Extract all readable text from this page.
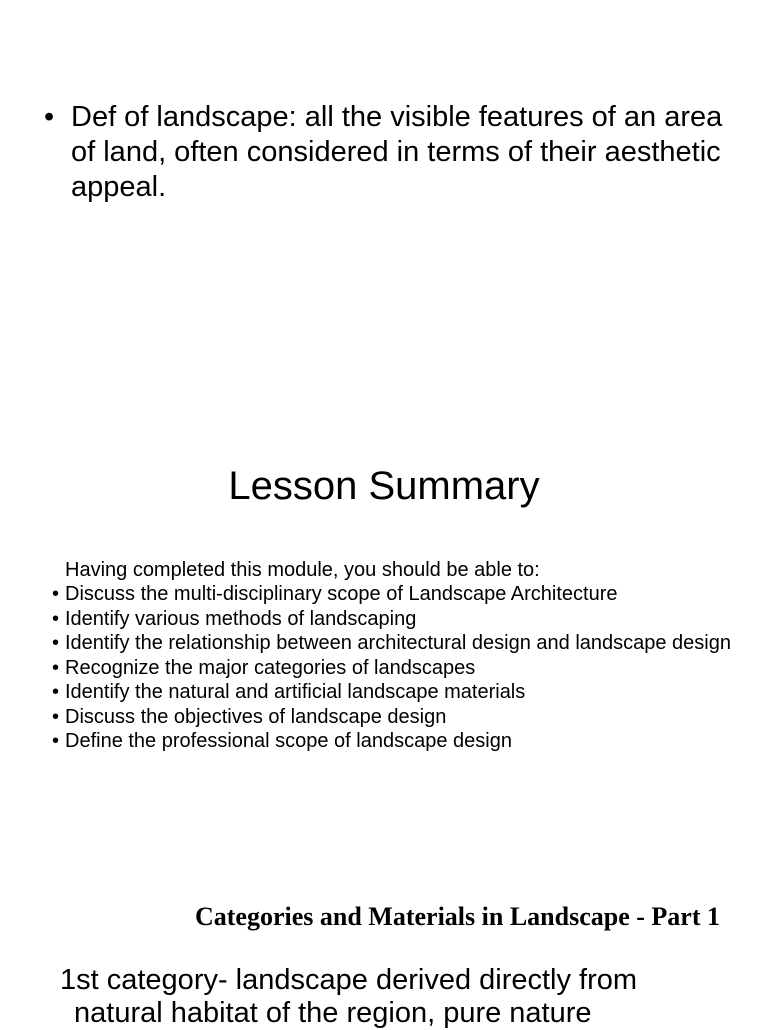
• Def of landscape: all the visible features of an area of land, often considered in terms of their aesthetic appeal.
Lesson Summary
Having completed this module, you should be able to:
• Discuss the multi-disciplinary scope of Landscape Architecture
• Identify various methods of landscaping
• Identify the relationship between architectural design and landscape design
• Recognize the major categories of landscapes
• Identify the natural and artificial landscape materials
• Discuss the objectives of landscape design
• Define the professional scope of landscape design
Categories and Materials in Landscape - Part 1
1st category- landscape derived directly from
natural habitat of the region, pure nature
